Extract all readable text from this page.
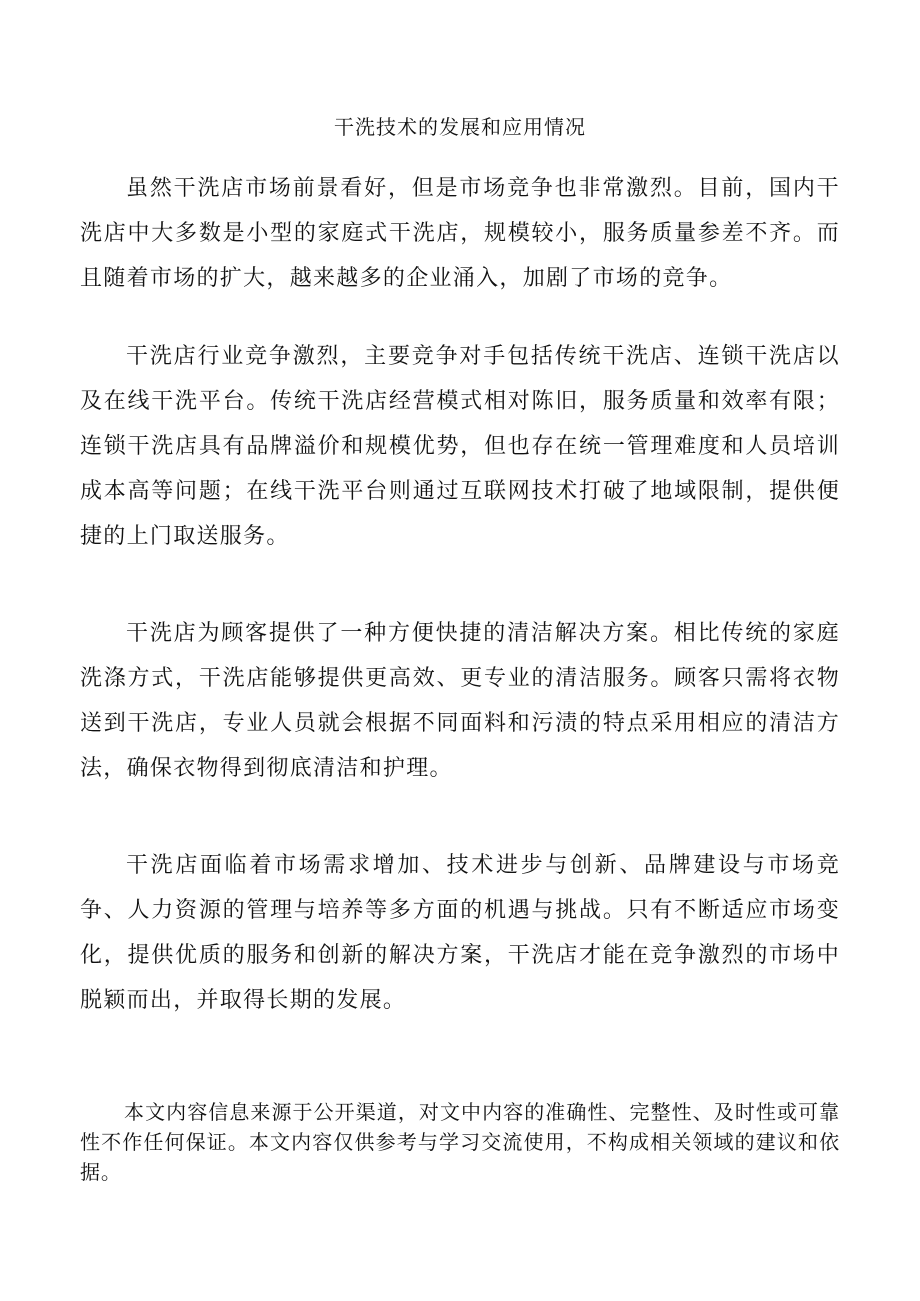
干洗技术的发展和应用情况

虽然干洗店市场前景看好，但是市场竞争也非常激烈。目前，国内干洗店中大多数是小型的家庭式干洗店，规模较小，服务质量参差不齐。而且随着市场的扩大，越来越多的企业涌入，加剧了市场的竞争。

干洗店行业竞争激烈，主要竞争对手包括传统干洗店、连锁干洗店以及在线干洗平台。传统干洗店经营模式相对陈旧，服务质量和效率有限；连锁干洗店具有品牌溢价和规模优势，但也存在统一管理难度和人员培训成本高等问题；在线干洗平台则通过互联网技术打破了地域限制，提供便捷的上门取送服务。

干洗店为顾客提供了一种方便快捷的清洁解决方案。相比传统的家庭洗涤方式，干洗店能够提供更高效、更专业的清洁服务。顾客只需将衣物送到干洗店，专业人员就会根据不同面料和污渍的特点采用相应的清洁方法，确保衣物得到彻底清洁和护理。

干洗店面临着市场需求增加、技术进步与创新、品牌建设与市场竞争、人力资源的管理与培养等多方面的机遇与挑战。只有不断适应市场变化，提供优质的服务和创新的解决方案，干洗店才能在竞争激烈的市场中脱颖而出，并取得长期的发展。

本文内容信息来源于公开渠道，对文中内容的准确性、完整性、及时性或可靠性不作任何保证。本文内容仅供参考与学习交流使用，不构成相关领域的建议和依据。
